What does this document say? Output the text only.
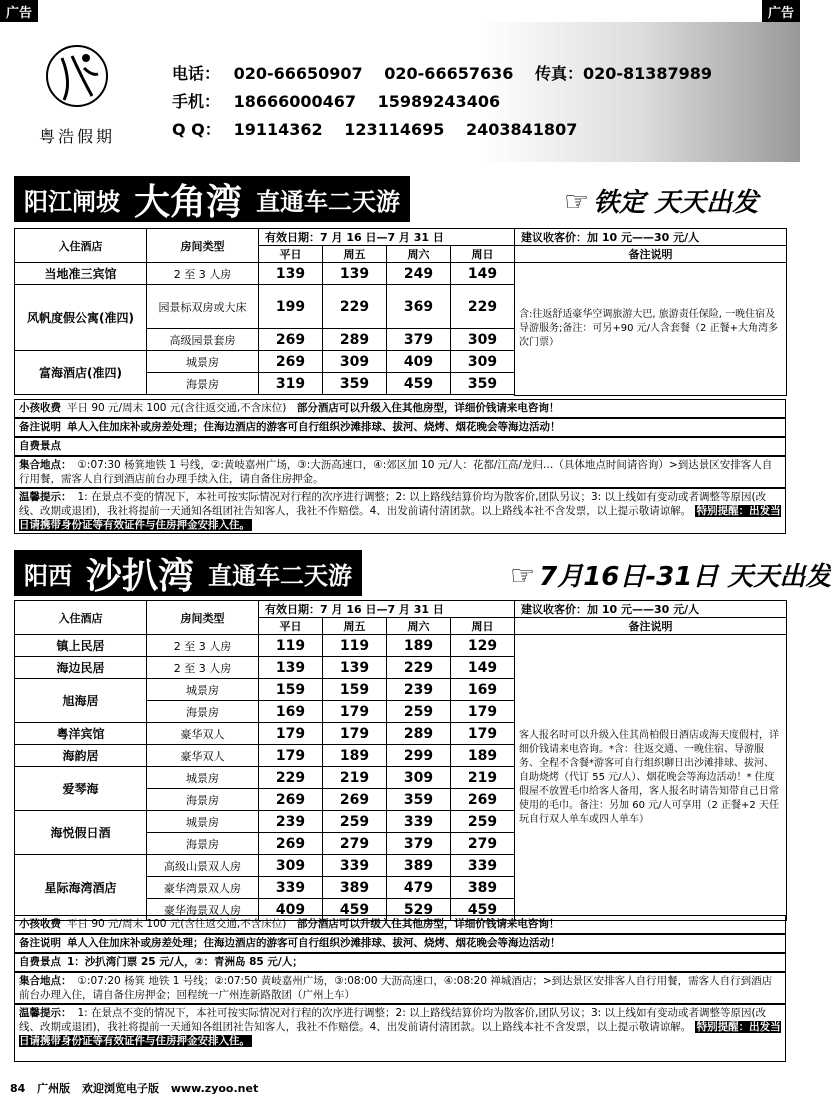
广告	广告
粤浩假期
电话： 020-66650907 020-66657636 传真：020-81387989
手机： 18666000467 15989243406
Q Q： 19114362 123114695 2403841807
阳江闸坡 大角湾 直通车二天游	☞ 铁定 天天出发
入住酒店	房间类型	有效日期：7 月 16 日—7 月 31 日				建议收客价：加 10 元——30 元/人
		平日	周五	周六	周日	备注说明
当地准三宾馆	2 至 3 人房	139	139	249	149	含:往返舒适豪华空调旅游大巴, 旅游责任保险, 一晚住宿及导游服务;备注：可另+90 元/人含套餐（2 正餐+大角湾多次门票）
风帆度假公寓(准四)	园景标双房或大床	199	229	369	229	
	高级园景套房	269	289	379	309	
富海酒店(准四)	城景房	269	309	409	309	
	海景房	319	359	459	359	

小孩收费 平日 90 元/周末 100 元(含往返交通,不含床位)　 部分酒店可以升级入住其他房型，详细价钱请来电咨询！
备注说明 单人入住加床补或房差处理；住海边酒店的游客可自行组织沙滩排球、拔河、烧烤、烟花晚会等海边活动！
自费景点
集合地点： ①:07:30 杨箕地铁 1 号线，②:黄岐嘉州广场，③:大沥高速口，④:郊区加 10 元/人：花都/江高/龙归…（具体地点时间请咨询）>到达景区安排客人自行用餐，需客人自行到酒店前台办理手续入住，请自备住房押金。
温馨提示： 1: 在景点不变的情况下，本社可按实际情况对行程的次序进行调整；2: 以上路线结算价均为散客价,团队另议；3: 以上线如有变动或者调整等原因(改线、改期或退团)，我社将提前一天通知各组团社告知客人，我社不作赔偿。4、出发前请付清团款。以上路线本社不含发票，以上提示敬请谅解。 特别提醒：出发当日请携带身份证等有效证件与住房押金安排入住。
阳西 沙扒湾 直通车二天游	☞ 7月16日-31日 天天出发
入住酒店	房间类型	有效日期：7 月 16 日—7 月 31 日				建议收客价：加 10 元——30 元/人
		平日	周五	周六	周日	备注说明
镇上民居	2 至 3 人房	119	119	189	129	客人报名时可以升级入住其尚柏假日酒店或海天度假村，详细价钱请来电咨询。*含：往返交通、一晚住宿、导游服务、全程不含餐*游客可自行组织聊日出沙滩排球、拔河、自助烧烤（代订 55 元/人）、烟花晚会等海边活动！* 住度假屋不放置毛巾给客人备用，客人报名时请告知带自己日常使用的毛巾。备注：另加 60 元/人可享用（2 正餐+2 天任玩自行双人单车或四人单车）
海边民居	2 至 3 人房	139	139	229	149	
旭海居	城景房	159	159	239	169	
	海景房	169	179	259	179	
粤洋宾馆	豪华双人	179	179	289	179	
海韵居	豪华双人	179	189	299	189	
爱琴海	城景房	229	219	309	219	
	海景房	269	269	359	269	
海悦假日酒	城景房	239	259	339	259	
	海景房	269	279	379	279	
星际海湾酒店	高级山景双人房	309	339	389	339	
	豪华湾景双人房	339	389	479	389	
	豪华海景双人房	409	459	529	459	
小孩收费 平日 90 元/周末 100 元(含往返交通,不含床位)　 部分酒店可以升级入住其他房型，详细价钱请来电咨询！
备注说明 单人入住加床补或房差处理；住海边酒店的游客可自行组织沙滩排球、拔河、烧烤、烟花晚会等海边活动！
自费景点 1：沙扒湾门票 25 元/人，②：青洲岛 85 元/人；
集合地点： ①:07:20 杨箕 地铁 1 号线；②:07:50 黄岐嘉州广场，③:08:00 大沥高速口，④:08:20 禅城酒店；>到达景区安排客人自行用餐，需客人自行到酒店前台办理入住，请自备住房押金；回程统一广州连新路散团（广州上车）
温馨提示： 1: 在景点不变的情况下，本社可按实际情况对行程的次序进行调整；2: 以上路线结算价均为散客价,团队另议；3: 以上线如有变动或者调整等原因(改线、改期或退团)，我社将提前一天通知各组团社告知客人，我社不作赔偿。4、出发前请付清团款。以上路线本社不含发票，以上提示敬请谅解。 特别提醒：出发当日请携带身份证等有效证件与住房押金安排入住。
84 广州版 欢迎浏览电子版 www.zyoo.net
